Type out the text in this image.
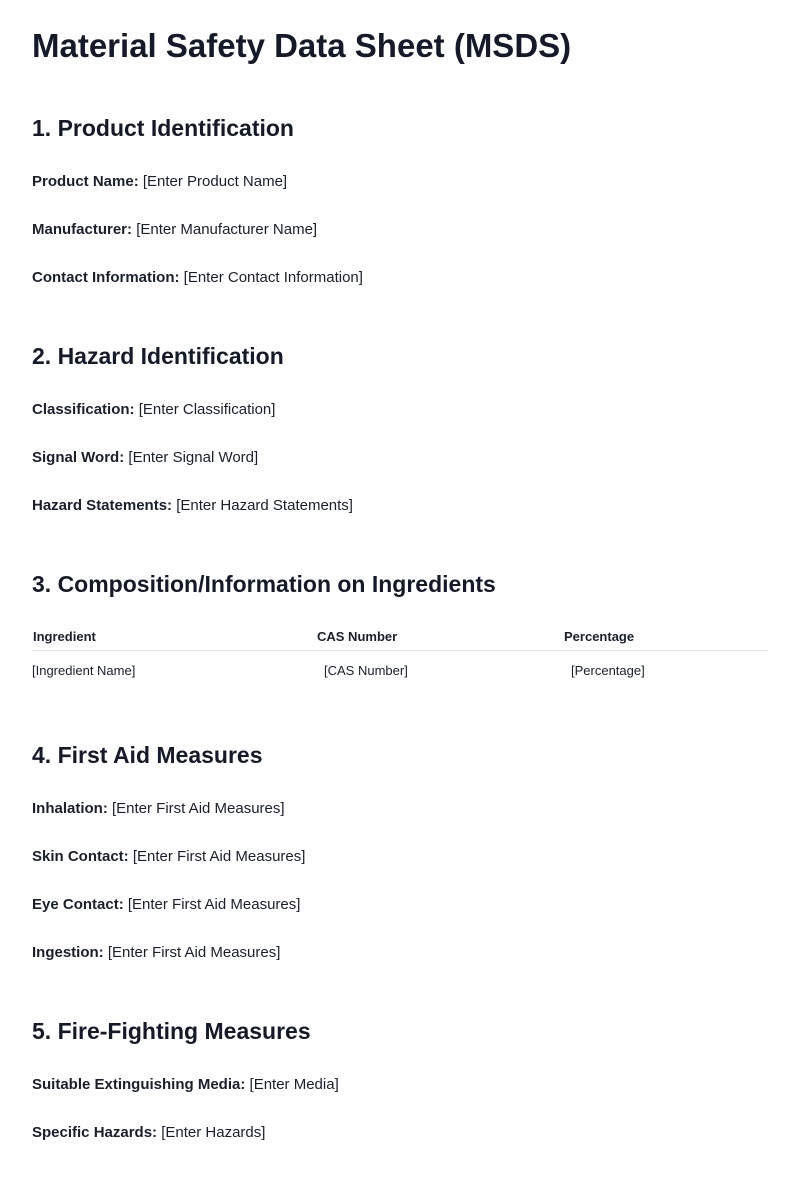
Material Safety Data Sheet (MSDS)
1. Product Identification
Product Name: [Enter Product Name]
Manufacturer: [Enter Manufacturer Name]
Contact Information: [Enter Contact Information]
2. Hazard Identification
Classification: [Enter Classification]
Signal Word: [Enter Signal Word]
Hazard Statements: [Enter Hazard Statements]
3. Composition/Information on Ingredients
Ingredient	CAS Number	Percentage
[Ingredient Name]	[CAS Number]	[Percentage]
4. First Aid Measures
Inhalation: [Enter First Aid Measures]
Skin Contact: [Enter First Aid Measures]
Eye Contact: [Enter First Aid Measures]
Ingestion: [Enter First Aid Measures]
5. Fire-Fighting Measures
Suitable Extinguishing Media: [Enter Media]
Specific Hazards: [Enter Hazards]
